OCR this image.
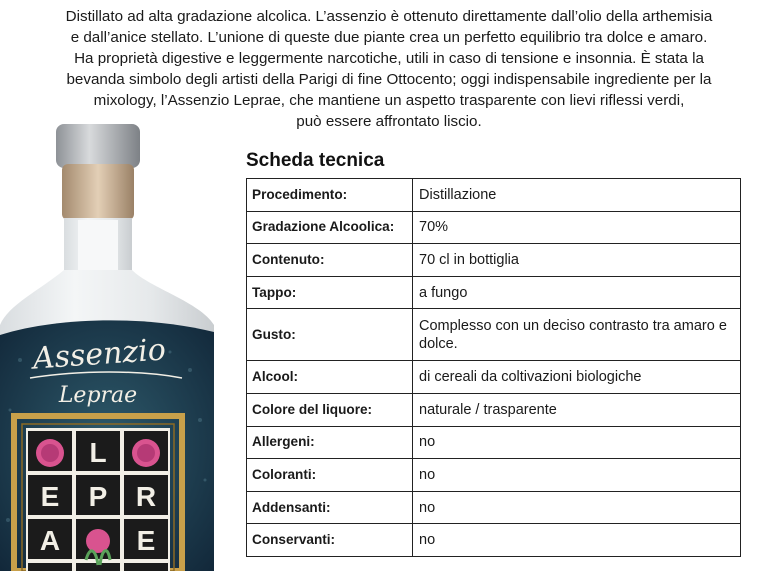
Distillato ad alta gradazione alcolica. L’assenzio è ottenuto direttamente dall’olio della arthemisia
e dall’anice stellato. L’unione di queste due piante crea un perfetto equilibrio tra dolce e amaro.
Ha proprietà digestive e leggermente narcotiche, utili in caso di tensione e insonnia. È stata la
bevanda simbolo degli artisti della Parigi di fine Ottocento; oggi indispensabile ingrediente per la
mixology, l’Assenzio Leprae, che mantiene un aspetto trasparente con lievi riflessi verdi,
può essere affrontato liscio.
Assenzio
Leprae
L
E P R
A	E
Scheda tecnica
Procedimento:	Distillazione
Gradazione Alcoolica:	70%
Contenuto:	70 cl in bottiglia
Tappo:	a fungo
Gusto:	Complesso con un deciso contrasto tra amaro e dolce.
Alcool:	di cereali da coltivazioni biologiche
Colore del liquore:	naturale / trasparente
Allergeni:	no
Coloranti:	no
Addensanti:	no
Conservanti:	no
